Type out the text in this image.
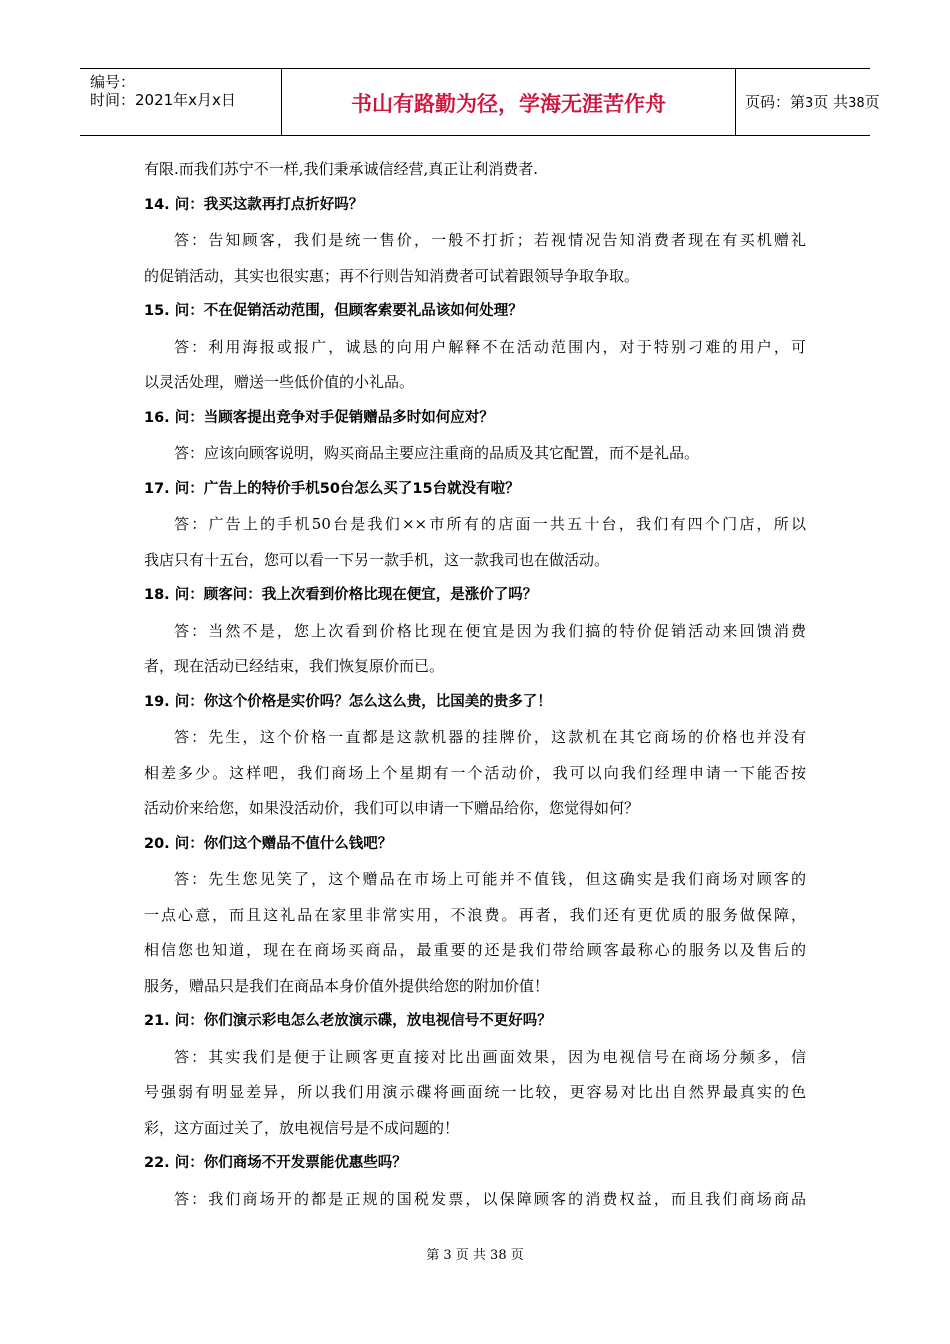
编号：
时间：2021年x月x日	书山有路勤为径，学海无涯苦作舟	页码：第3页 共38页
有限.而我们苏宁不一样,我们秉承诚信经营,真正让利消费者.
14. 问：我买这款再打点折好吗？
答：告知顾客，我们是统一售价，一般不打折；若视情况告知消费者现在有买机赠礼
的促销活动，其实也很实惠；再不行则告知消费者可试着跟领导争取争取。
15. 问：不在促销活动范围，但顾客索要礼品该如何处理？
答：利用海报或报广，诚恳的向用户解释不在活动范围内，对于特别刁难的用户，可
以灵活处理，赠送一些低价值的小礼品。
16. 问：当顾客提出竞争对手促销赠品多时如何应对？
答：应该向顾客说明，购买商品主要应注重商的品质及其它配置，而不是礼品。
17. 问：广告上的特价手机50台怎么买了15台就没有啦？
答：广告上的手机50台是我们××市所有的店面一共五十台，我们有四个门店，所以
我店只有十五台，您可以看一下另一款手机，这一款我司也在做活动。
18. 问：顾客问：我上次看到价格比现在便宜，是涨价了吗？
答：当然不是，您上次看到价格比现在便宜是因为我们搞的特价促销活动来回馈消费
者，现在活动已经结束，我们恢复原价而已。
19. 问：你这个价格是实价吗？怎么这么贵，比国美的贵多了！
答：先生，这个价格一直都是这款机器的挂牌价，这款机在其它商场的价格也并没有
相差多少。这样吧，我们商场上个星期有一个活动价，我可以向我们经理申请一下能否按
活动价来给您，如果没活动价，我们可以申请一下赠品给你，您觉得如何？
20. 问：你们这个赠品不值什么钱吧？
答：先生您见笑了，这个赠品在市场上可能并不值钱，但这确实是我们商场对顾客的
一点心意，而且这礼品在家里非常实用，不浪费。再者，我们还有更优质的服务做保障，
相信您也知道，现在在商场买商品，最重要的还是我们带给顾客最称心的服务以及售后的
服务，赠品只是我们在商品本身价值外提供给您的附加价值！
21. 问：你们演示彩电怎么老放演示碟，放电视信号不更好吗？
答：其实我们是便于让顾客更直接对比出画面效果，因为电视信号在商场分频多，信
号强弱有明显差异，所以我们用演示碟将画面统一比较，更容易对比出自然界最真实的色
彩，这方面过关了，放电视信号是不成问题的！
22. 问：你们商场不开发票能优惠些吗？
答：我们商场开的都是正规的国税发票，以保障顾客的消费权益，而且我们商场商品
第 3 页 共 38 页
